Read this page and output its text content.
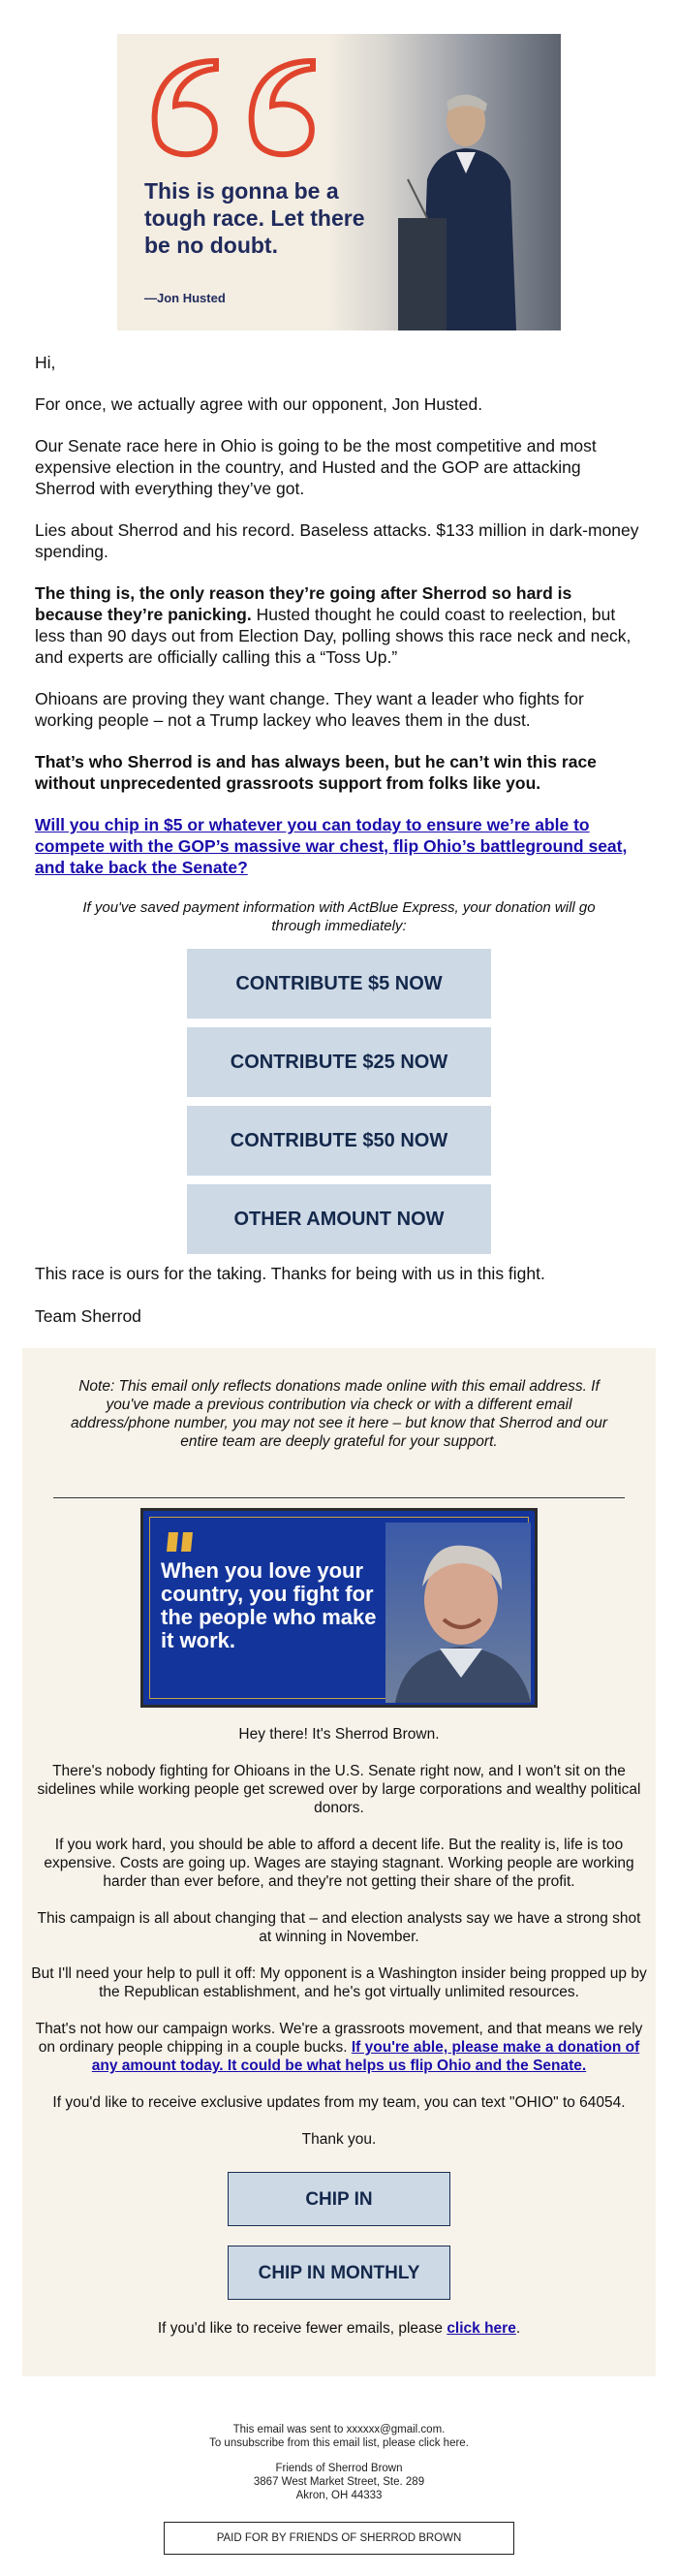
This is gonna be a tough race. Let there be no doubt.
—Jon Husted

Hi,

For once, we actually agree with our opponent, Jon Husted.

Our Senate race here in Ohio is going to be the most competitive and most expensive election in the country, and Husted and the GOP are attacking Sherrod with everything they’ve got.

Lies about Sherrod and his record. Baseless attacks. $133 million in dark-money spending.

The thing is, the only reason they’re going after Sherrod so hard is because they’re panicking. Husted thought he could coast to reelection, but less than 90 days out from Election Day, polling shows this race neck and neck, and experts are officially calling this a “Toss Up.”

Ohioans are proving they want change. They want a leader who fights for working people – not a Trump lackey who leaves them in the dust.

That’s who Sherrod is and has always been, but he can’t win this race without unprecedented grassroots support from folks like you.

Will you chip in $5 or whatever you can today to ensure we’re able to compete with the GOP’s massive war chest, flip Ohio’s battleground seat, and take back the Senate?

If you've saved payment information with ActBlue Express, your donation will go through immediately:

CONTRIBUTE $5 NOW
CONTRIBUTE $25 NOW
CONTRIBUTE $50 NOW
OTHER AMOUNT NOW

This race is ours for the taking. Thanks for being with us in this fight.

Team Sherrod

Note: This email only reflects donations made online with this email address. If you've made a previous contribution via check or with a different email address/phone number, you may not see it here – but know that Sherrod and our entire team are deeply grateful for your support.

When you love your country, you fight for the people who make it work.

Hey there! It's Sherrod Brown.

There's nobody fighting for Ohioans in the U.S. Senate right now, and I won't sit on the sidelines while working people get screwed over by large corporations and wealthy political donors.

If you work hard, you should be able to afford a decent life. But the reality is, life is too expensive. Costs are going up. Wages are staying stagnant. Working people are working harder than ever before, and they're not getting their share of the profit.

This campaign is all about changing that – and election analysts say we have a strong shot at winning in November.

But I'll need your help to pull it off: My opponent is a Washington insider being propped up by the Republican establishment, and he's got virtually unlimited resources.

That's not how our campaign works. We're a grassroots movement, and that means we rely on ordinary people chipping in a couple bucks. If you're able, please make a donation of any amount today. It could be what helps us flip Ohio and the Senate.

If you'd like to receive exclusive updates from my team, you can text "OHIO" to 64054.

Thank you.

CHIP IN
CHIP IN MONTHLY

If you'd like to receive fewer emails, please click here.

This email was sent to xxxxxx@gmail.com.
To unsubscribe from this email list, please click here.

Friends of Sherrod Brown
3867 West Market Street, Ste. 289
Akron, OH 44333

PAID FOR BY FRIENDS OF SHERROD BROWN
